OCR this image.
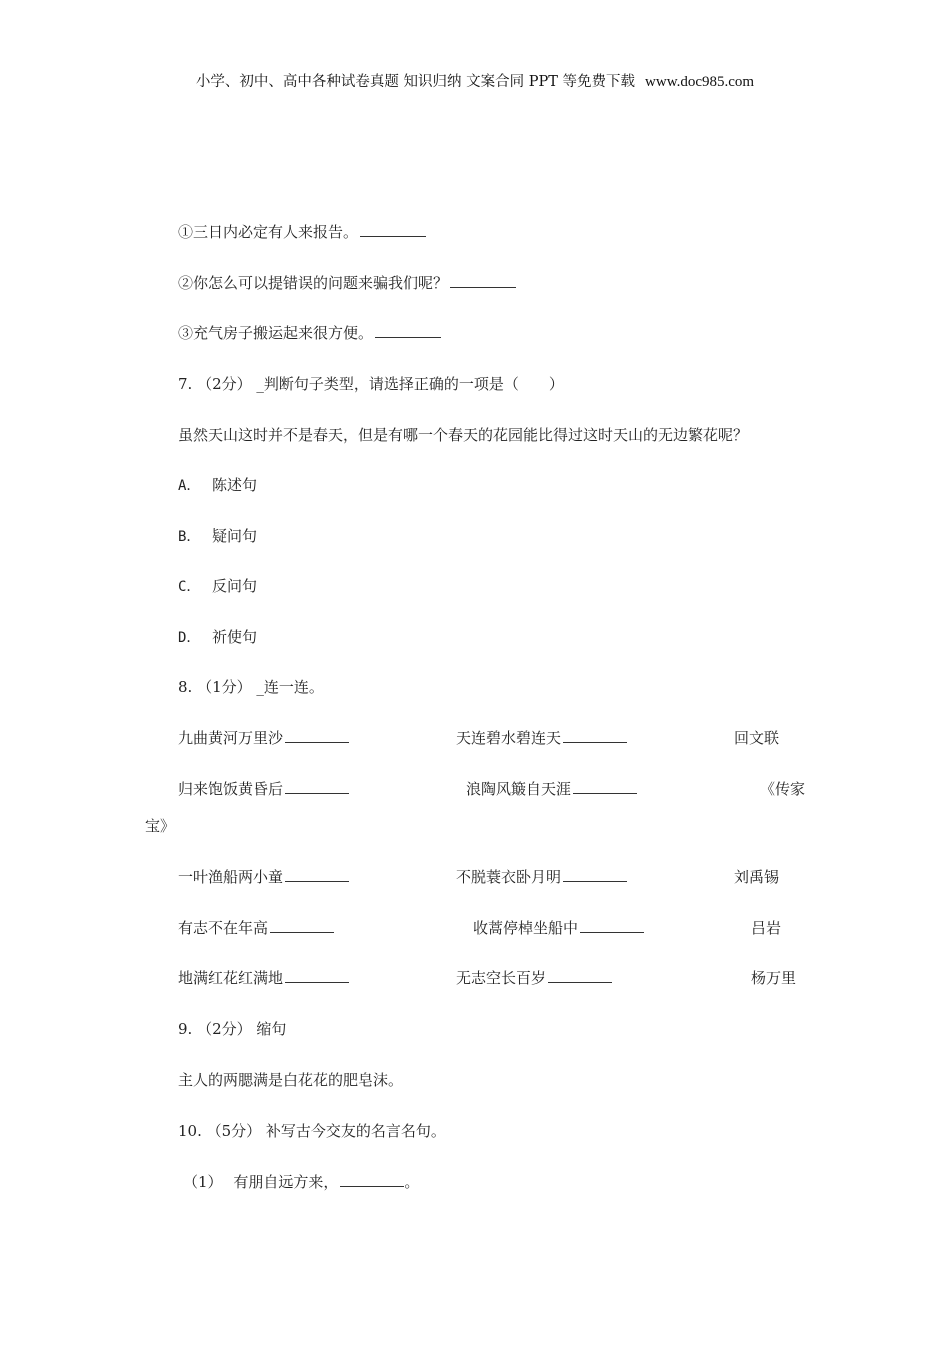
小学、初中、高中各种试卷真题 知识归纳 文案合同 PPT 等免费下载 www.doc985.com
①三日内必定有人来报告。
②你怎么可以提错误的问题来骗我们呢？
③充气房子搬运起来很方便。
7. （2分） _判断句子类型，请选择正确的一项是（　　）
虽然天山这时并不是春天，但是有哪一个春天的花园能比得过这时天山的无边繁花呢？
A． 陈述句
B． 疑问句
C． 反问句
D． 祈使句
8. （1分） _连一连。
九曲黄河万里沙	天连碧水碧连天	回文联
归来饱饭黄昏后	浪陶风簸自天涯	《传家
宝》
一叶渔船两小童	不脱蓑衣卧月明	刘禹锡
有志不在年高	收蒿停棹坐船中	吕岩
地满红花红满地	无志空长百岁	杨万里
9. （2分） 缩句
主人的两腮满是白花花的肥皂沫。
10. （5分） 补写古今交友的名言名句。
（1） 有朋自远方来，	。
